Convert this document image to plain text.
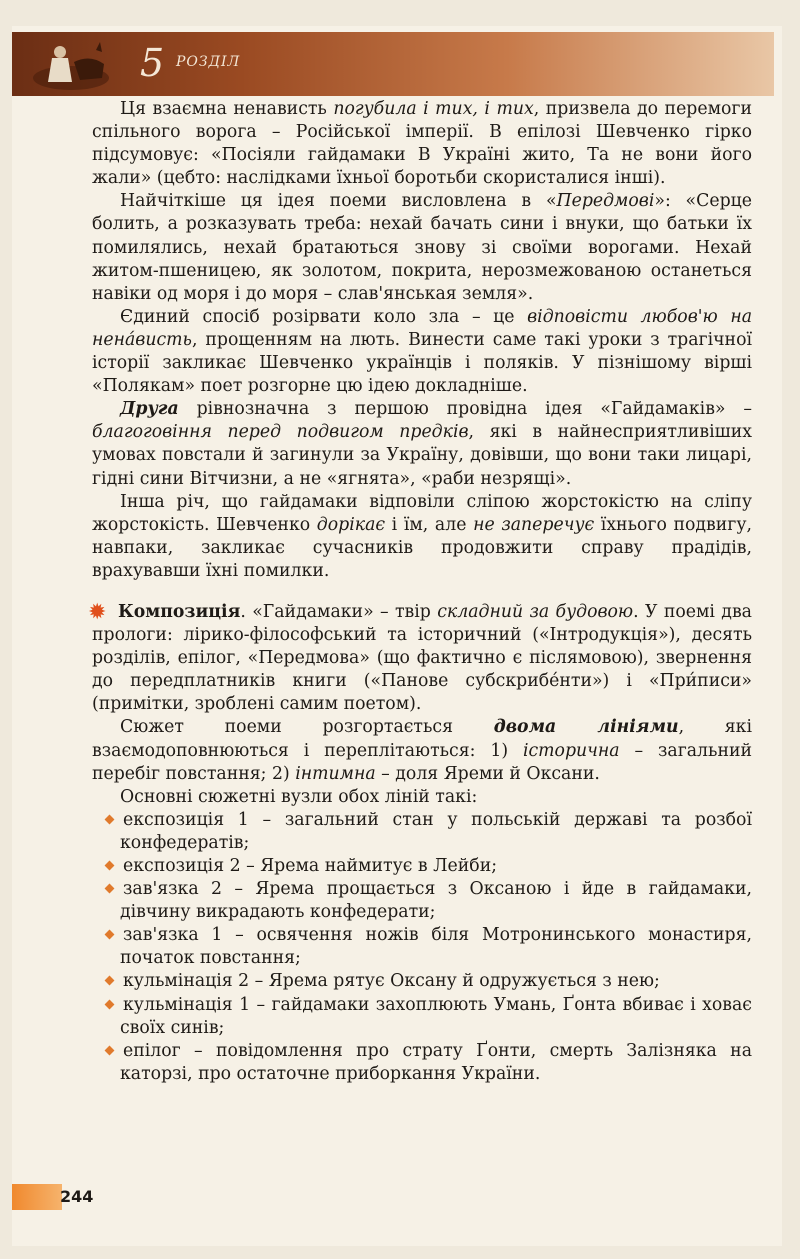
5 РОЗДІЛ

Ця взаємна ненависть погубила і тих, і тих, призвела до перемоги спільного ворога – Російської імперії. В епілозі Шевченко гірко підсумовує: «Посіяли гайдамаки В Україні жито, Та не вони його жали» (цебто: наслідками їхньої боротьби скористалися інші).

Найчіткіше ця ідея поеми висловлена в «Передмові»: «Серце болить, а розказувать треба: нехай бачать сини і внуки, що батьки їх помилялись, нехай братаються знову зі своїми ворогами. Нехай житом-пшеницею, як золотом, покрита, нерозмежованою останеться навіки од моря і до моря – слав'янськая земля».

Єдиний спосіб розірвати коло зла – це відповісти любов'ю на ненáвисть, прощенням на лють. Винести саме такі уроки з трагічної історії закликає Шевченко українців і поляків. У пізнішому вірші «Полякам» поет розгорне цю ідею докладніше.

Друга рівнозначна з першою провідна ідея «Гайдамаків» – благоговіння перед подвигом предків, які в найнесприятливіших умовах повстали й загинули за Україну, довівши, що вони таки лицарі, гідні сини Вітчизни, а не «ягнята», «раби незрящі».

Інша річ, що гайдамаки відповіли сліпою жорстокістю на сліпу жорстокість. Шевченко дорікає і їм, але не заперечує їхнього подвигу, навпаки, закликає сучасників продовжити справу прадідів, врахувавши їхні помилки.

✹ Композиція. «Гайдамаки» – твір складний за будовою. У поемі два прологи: лірико-філософський та історичний («Інтродукція»), десять розділів, епілог, «Передмова» (що фактично є післямовою), звернення до передплатників книги («Панове субскрибе́нти») і «При́писи» (примітки, зроблені самим поетом).

Сюжет поеми розгортається двома лініями, які взаємодоповнюються і переплітаються: 1) історична – загальний перебіг повстання; 2) інтимна – доля Яреми й Оксани.

Основні сюжетні вузли обох ліній такі:

експозиція 1 – загальний стан у польській державі та розбої конфедератів;
експозиція 2 – Ярема наймитує в Лейби;
зав'язка 2 – Ярема прощається з Оксаною і йде в гайдамаки, дівчину викрадають конфедерати;
зав'язка 1 – освячення ножів біля Мотронинського монастиря, початок повстання;
кульмінація 2 – Ярема рятує Оксану й одружується з нею;
кульмінація 1 – гайдамаки захоплюють Умань, Ґонта вбиває і ховає своїх синів;
епілог – повідомлення про страту Ґонти, смерть Залізняка на каторзі, про остаточне приборкання України.
244
